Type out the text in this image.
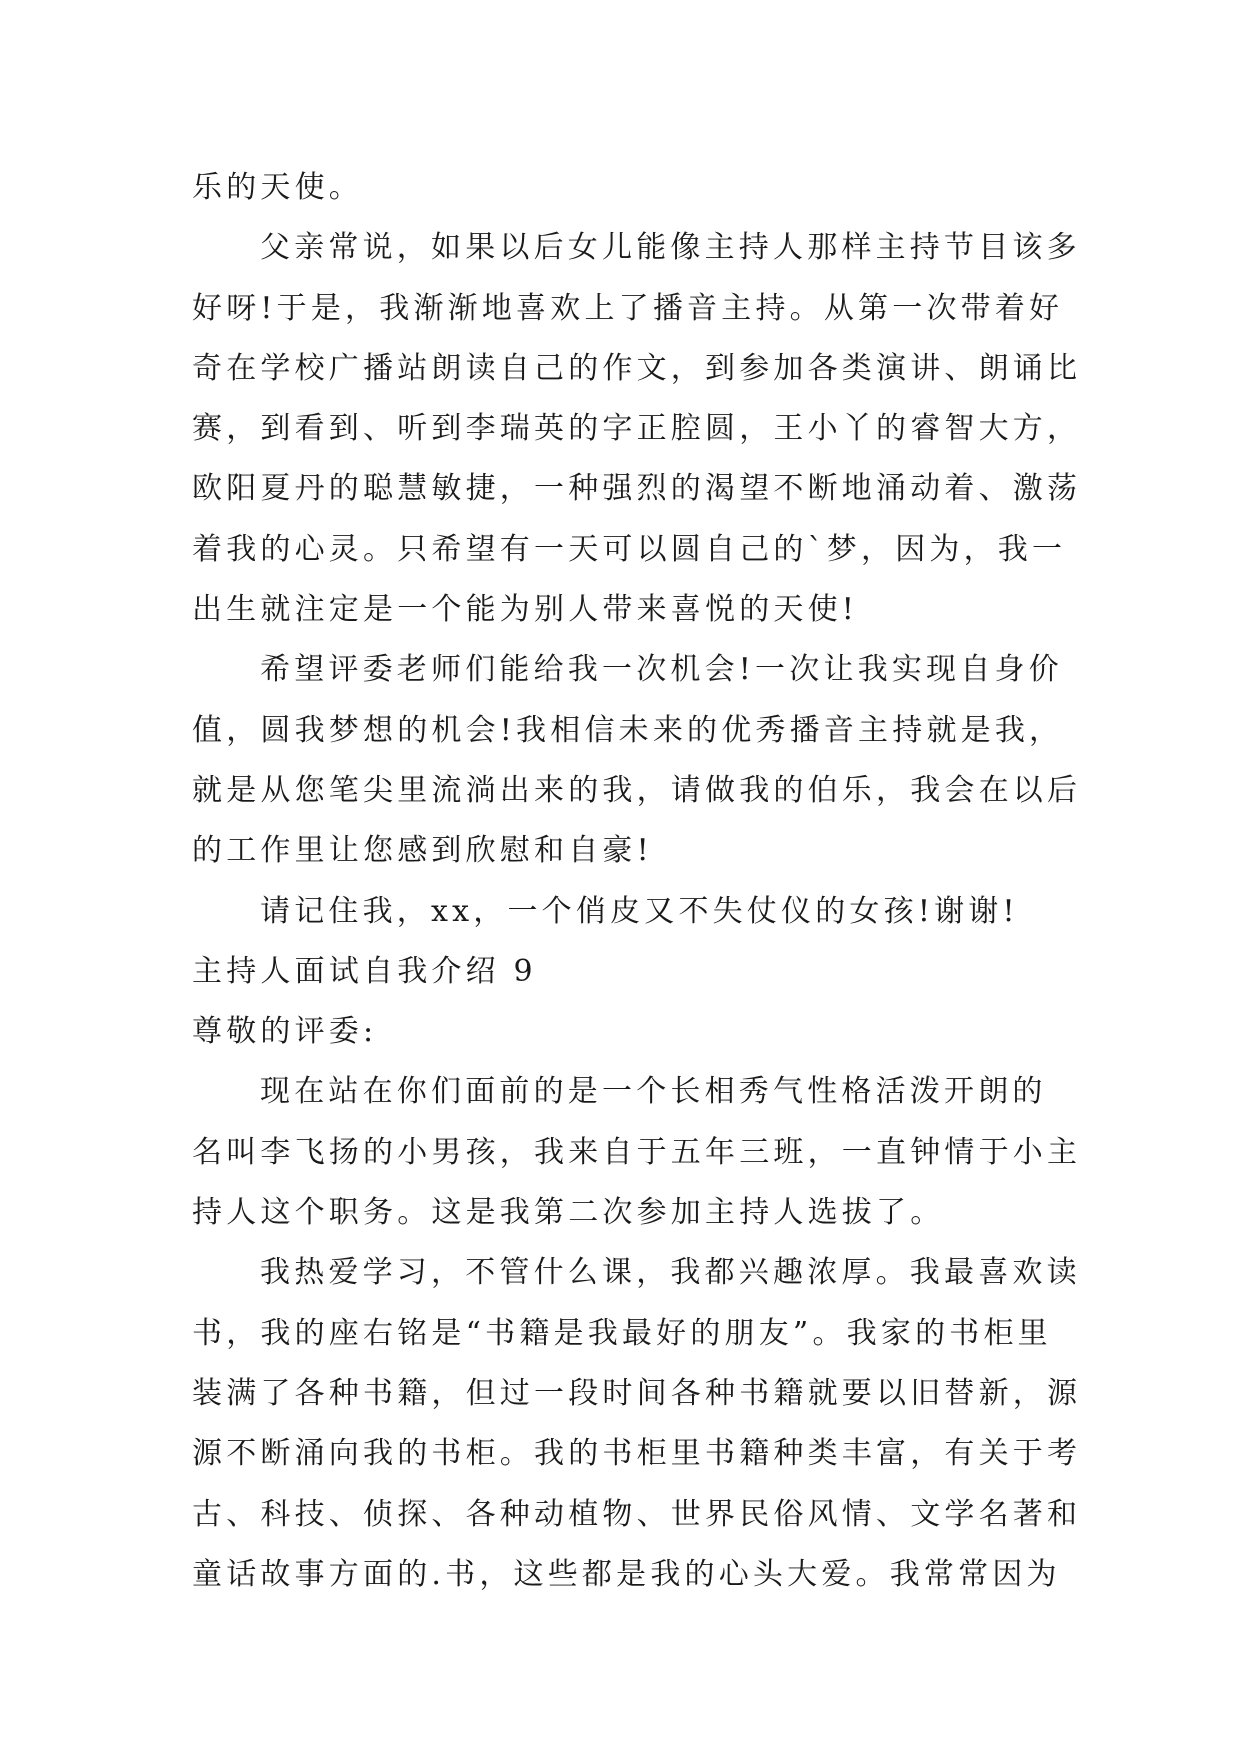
乐的天使。
父亲常说，如果以后女儿能像主持人那样主持节目该多
好呀!于是，我渐渐地喜欢上了播音主持。从第一次带着好
奇在学校广播站朗读自己的作文，到参加各类演讲、朗诵比
赛，到看到、听到李瑞英的字正腔圆，王小丫的睿智大方，
欧阳夏丹的聪慧敏捷，一种强烈的渴望不断地涌动着、激荡
着我的心灵。只希望有一天可以圆自己的`梦，因为，我一
出生就注定是一个能为别人带来喜悦的天使!
希望评委老师们能给我一次机会!一次让我实现自身价
值，圆我梦想的机会!我相信未来的优秀播音主持就是我，
就是从您笔尖里流淌出来的我，请做我的伯乐，我会在以后
的工作里让您感到欣慰和自豪!
请记住我，xx，一个俏皮又不失仗仪的女孩!谢谢!
主持人面试自我介绍 9
尊敬的评委:
现在站在你们面前的是一个长相秀气性格活泼开朗的
名叫李飞扬的小男孩，我来自于五年三班，一直钟情于小主
持人这个职务。这是我第二次参加主持人选拔了。
我热爱学习，不管什么课，我都兴趣浓厚。我最喜欢读
书，我的座右铭是“书籍是我最好的朋友”。我家的书柜里
装满了各种书籍，但过一段时间各种书籍就要以旧替新，源
源不断涌向我的书柜。我的书柜里书籍种类丰富，有关于考
古、科技、侦探、各种动植物、世界民俗风情、文学名著和
童话故事方面的.书，这些都是我的心头大爱。我常常因为
